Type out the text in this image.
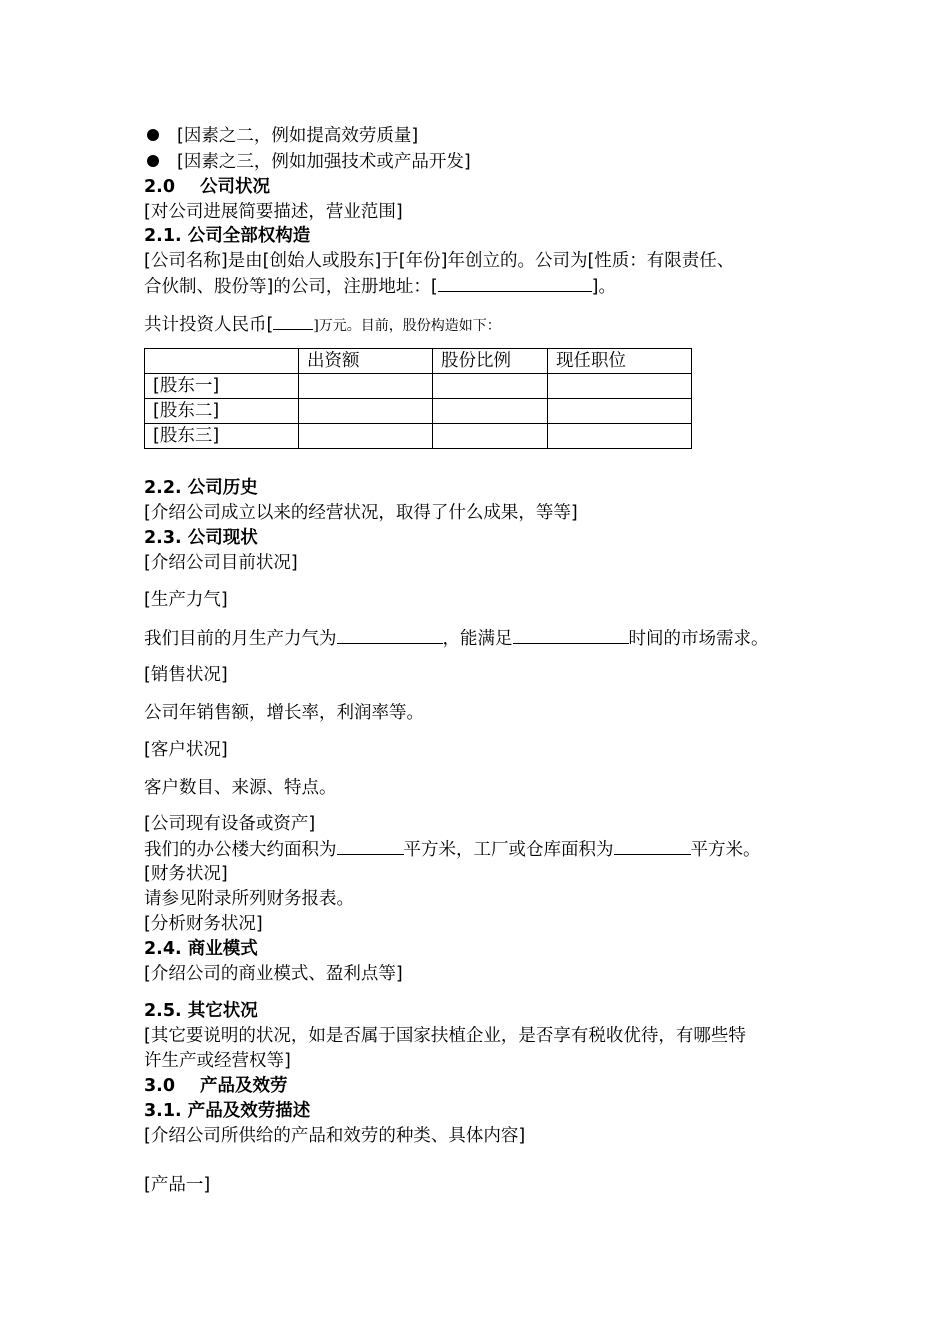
[因素之二，例如提高效劳质量]
[因素之三，例如加强技术或产品开发]
2.0 公司状况
[对公司进展简要描述，营业范围]
2.1. 公司全部权构造
[公司名称]是由[创始人或股东]于[年份]年创立的。公司为[性质：有限责任、
合伙制、股份等]的公司，注册地址：[	]。
共计投资人民币[	]万元。目前，股份构造如下：
	出资额	股份比例	现任职位
[股东一]			
[股东二]			
[股东三]			
2.2. 公司历史
[介绍公司成立以来的经营状况，取得了什么成果，等等]
2.3. 公司现状
[介绍公司目前状况]
[生产力气]
我们目前的月生产力气为	，能满足	时间的市场需求。
[销售状况]
公司年销售额，增长率，利润率等。
[客户状况]
客户数目、来源、特点。
[公司现有设备或资产]
我们的办公楼大约面积为	平方米，工厂或仓库面积为	平方米。
[财务状况]
请参见附录所列财务报表。
[分析财务状况]
2.4. 商业模式
[介绍公司的商业模式、盈利点等]
2.5. 其它状况
[其它要说明的状况，如是否属于国家扶植企业，是否享有税收优待，有哪些特
许生产或经营权等]
3.0 产品及效劳
3.1. 产品及效劳描述
[介绍公司所供给的产品和效劳的种类、具体内容]
[产品一]
